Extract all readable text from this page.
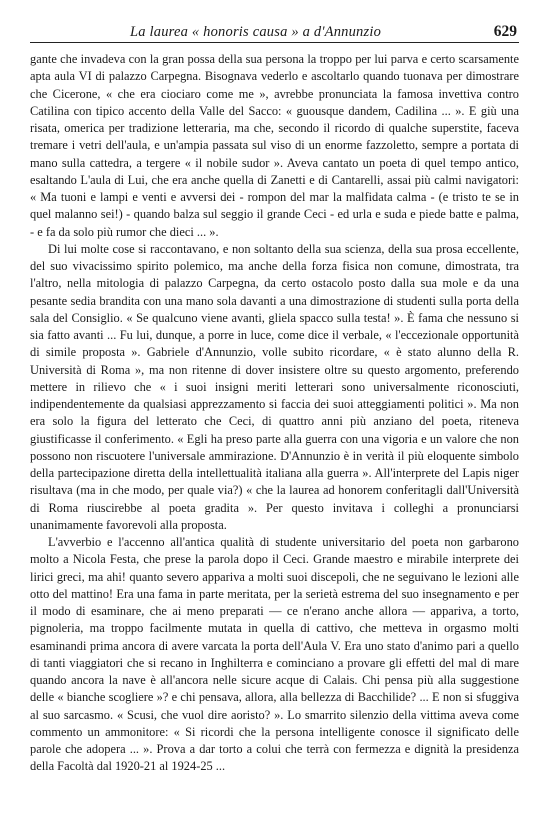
La laurea « honoris causa » a d'Annunzio	629

gante che invadeva con la gran possa della sua persona la troppo per lui parva e certo scarsamente apta aula VI di palazzo Carpegna. Bisognava vederlo e ascoltarlo quando tuonava per dimostrare che Cicerone, « che era ciociaro come me », avrebbe pronunciata la famosa invettiva contro Catilina con tipico accento della Valle del Sacco: « guousque dandem, Cadilina ... ». E giù una risata, omerica per tradizione letteraria, ma che, secondo il ricordo di qualche superstite, faceva tremare i vetri dell'aula, e un'ampia passata sul viso di un enorme fazzoletto, sempre a portata di mano sulla cattedra, a tergere « il nobile sudor ». Aveva cantato un poeta di quel tempo antico, esaltando L'aula di Lui, che era anche quella di Zanetti e di Cantarelli, assai più calmi navigatori: « Ma tuoni e lampi e venti e avversi dei - rompon del mar la malfidata calma - (e tristo te se in quel malanno sei!) - quando balza sul seggio il grande Ceci - ed urla e suda e piede batte e palma, - e fa da solo più rumor che dieci ... ».

Di lui molte cose si raccontavano, e non soltanto della sua scienza, della sua prosa eccellente, del suo vivacissimo spirito polemico, ma anche della forza fisica non comune, dimostrata, tra l'altro, nella mitologia di palazzo Carpegna, da certo ostacolo posto dalla sua mole e da una pesante sedia brandita con una mano sola davanti a una dimostrazione di studenti sulla porta della sala del Consiglio. « Se qualcuno viene avanti, gliela spacco sulla testa! ». È fama che nessuno si sia fatto avanti ... Fu lui, dunque, a porre in luce, come dice il verbale, « l'eccezionale opportunità di simile proposta ». Gabriele d'Annunzio, volle subito ricordare, « è stato alunno della R. Università di Roma », ma non ritenne di dover insistere oltre su questo argomento, preferendo mettere in rilievo che « i suoi insigni meriti letterari sono universalmente riconosciuti, indipendentemente da qualsiasi apprezzamento si faccia dei suoi atteggiamenti politici ». Ma non era solo la figura del letterato che Ceci, di quattro anni più anziano del poeta, riteneva giustificasse il conferimento. « Egli ha preso parte alla guerra con una vigoria e un valore che non possono non riscuotere l'universale ammirazione. D'Annunzio è in verità il più eloquente simbolo della partecipazione diretta della intellettualità italiana alla guerra ». All'interprete del Lapis niger risultava (ma in che modo, per quale via?) « che la laurea ad honorem conferitagli dall'Università di Roma riuscirebbe al poeta gradita ». Per questo invitava i colleghi a pronunciarsi unanimamente favorevoli alla proposta.

L'avverbio e l'accenno all'antica qualità di studente universitario del poeta non garbarono molto a Nicola Festa, che prese la parola dopo il Ceci. Grande maestro e mirabile interprete dei lirici greci, ma ahi! quanto severo appariva a molti suoi discepoli, che ne seguivano le lezioni alle otto del mattino! Era una fama in parte meritata, per la serietà estrema del suo insegnamento e per il modo di esaminare, che ai meno preparati — ce n'erano anche allora — appariva, a torto, pignoleria, ma troppo facilmente mutata in quella di cattivo, che metteva in orgasmo molti esaminandi prima ancora di avere varcata la porta dell'Aula V. Era uno stato d'animo pari a quello di tanti viaggiatori che si recano in Inghilterra e cominciano a provare gli effetti del mal di mare quando ancora la nave è all'ancora nelle sicure acque di Calais. Chi pensa più alla suggestione delle « bianche scogliere »? e chi pensava, allora, alla bellezza di Bacchilide? ... E non si sfuggiva al suo sarcasmo. « Scusi, che vuol dire aoristo? ». Lo smarrito silenzio della vittima aveva come commento un ammonitore: « Si ricordi che la persona intelligente conosce il significato delle parole che adopera ... ». Prova a dar torto a colui che terrà con fermezza e dignità la presidenza della Facoltà dal 1920-21 al 1924-25 ...
